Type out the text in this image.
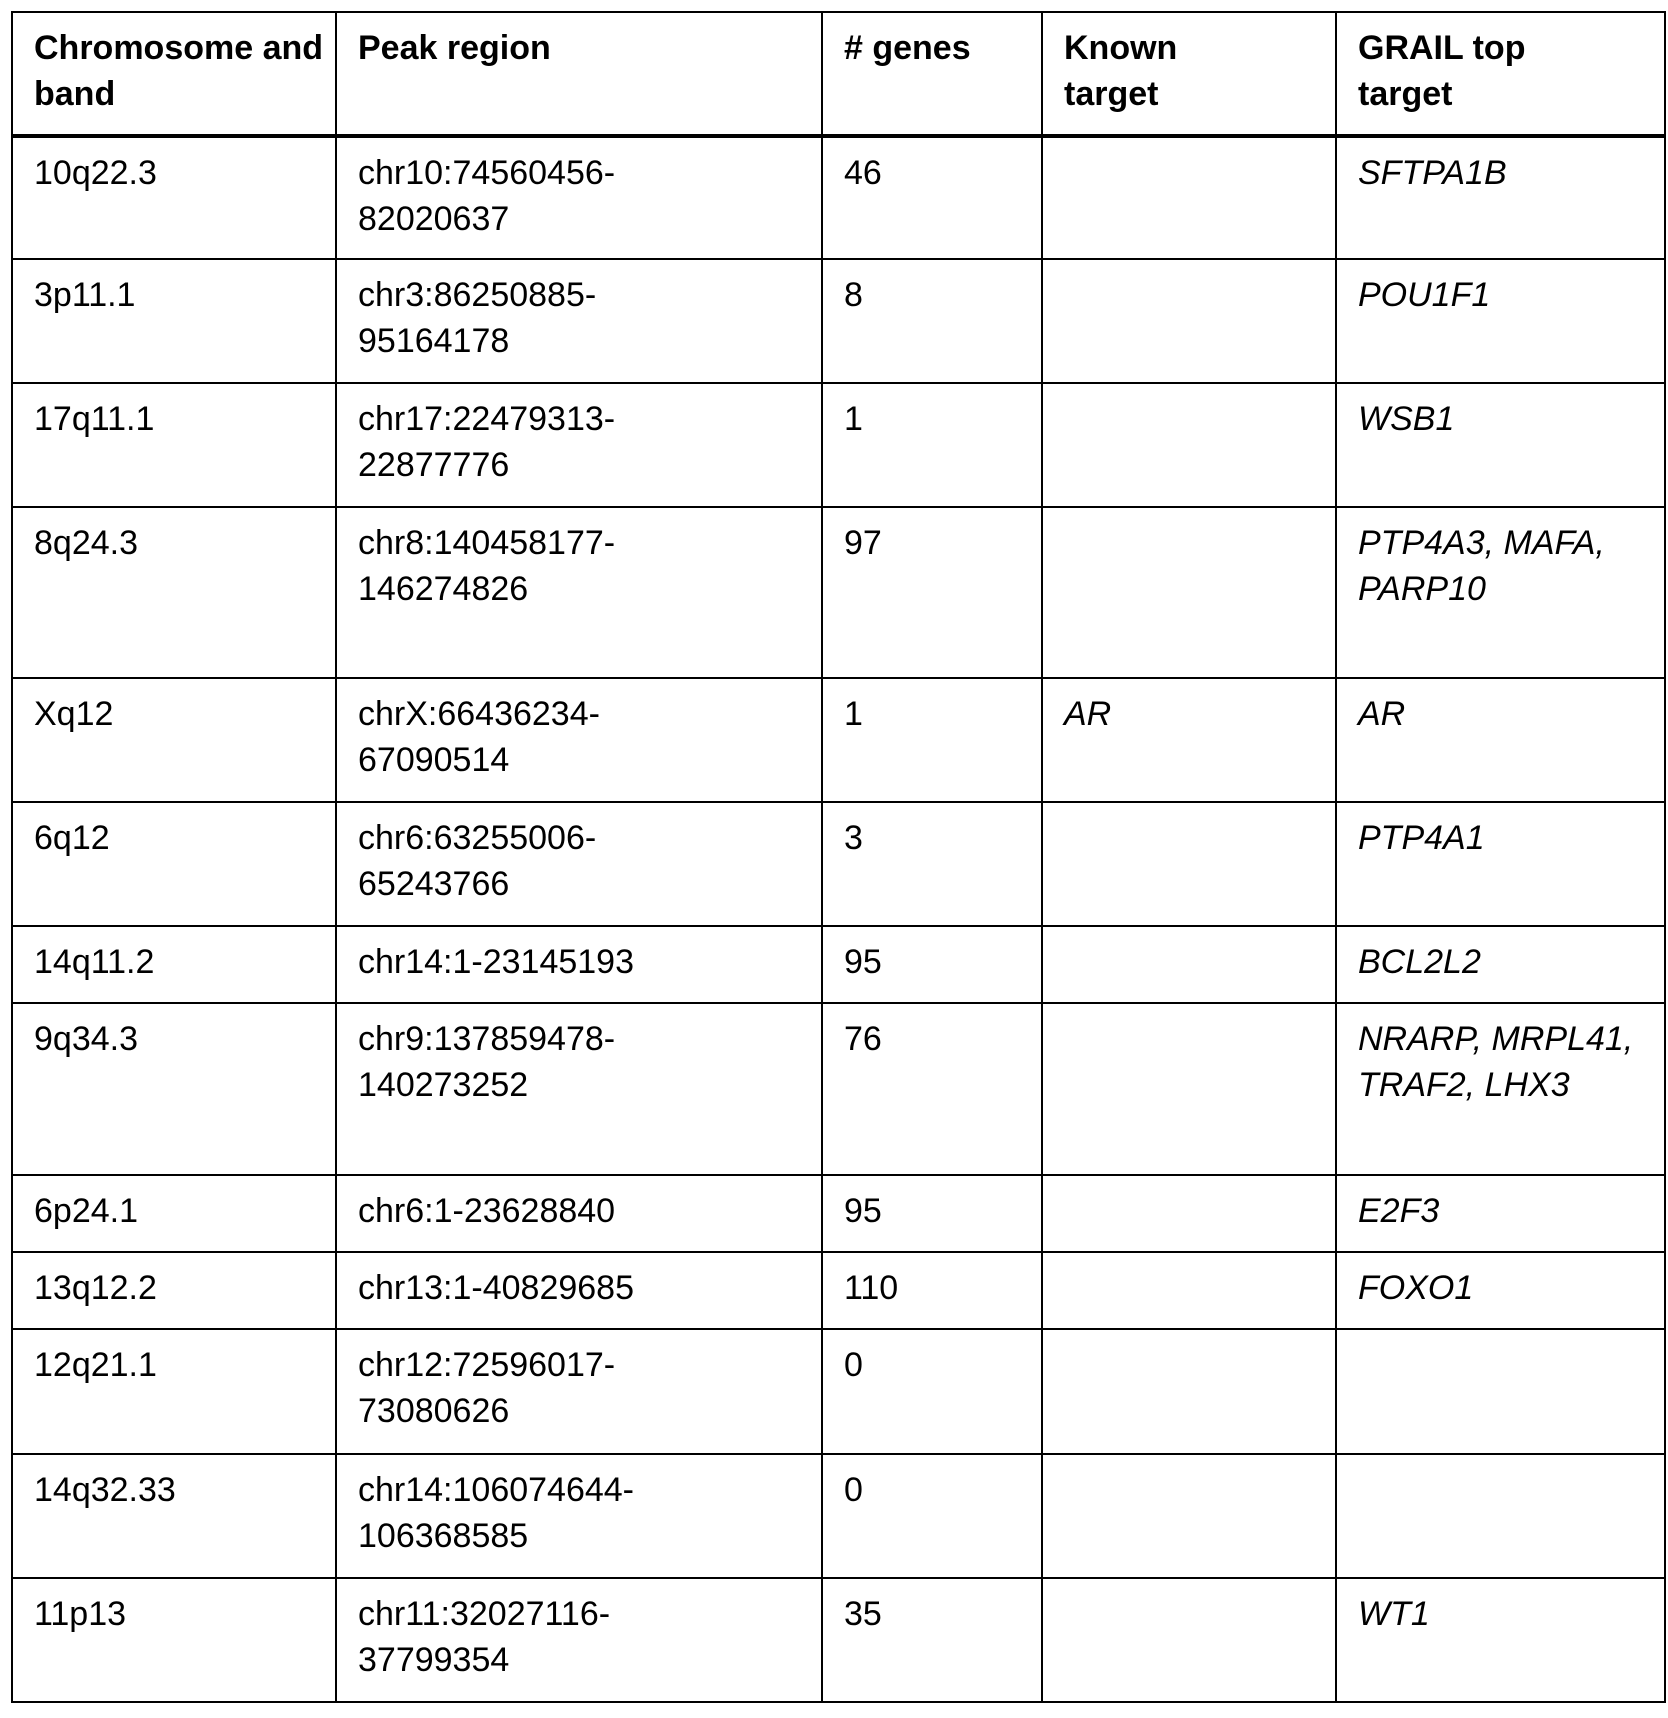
Chromosome and band	Peak region	# genes	Known target	GRAIL top target
10q22.3	chr10:74560456-82020637	46		SFTPA1B
3p11.1	chr3:86250885-95164178	8		POU1F1
17q11.1	chr17:22479313-22877776	1		WSB1
8q24.3	chr8:140458177-146274826	97		PTP4A3, MAFA, PARP10
Xq12	chrX:66436234-67090514	1	AR	AR
6q12	chr6:63255006-65243766	3		PTP4A1
14q11.2	chr14:1-23145193	95		BCL2L2
9q34.3	chr9:137859478-140273252	76		NRARP, MRPL41, TRAF2, LHX3
6p24.1	chr6:1-23628840	95		E2F3
13q12.2	chr13:1-40829685	110		FOXO1
12q21.1	chr12:72596017-73080626	0		
14q32.33	chr14:106074644-106368585	0		
11p13	chr11:32027116-37799354	35		WT1
